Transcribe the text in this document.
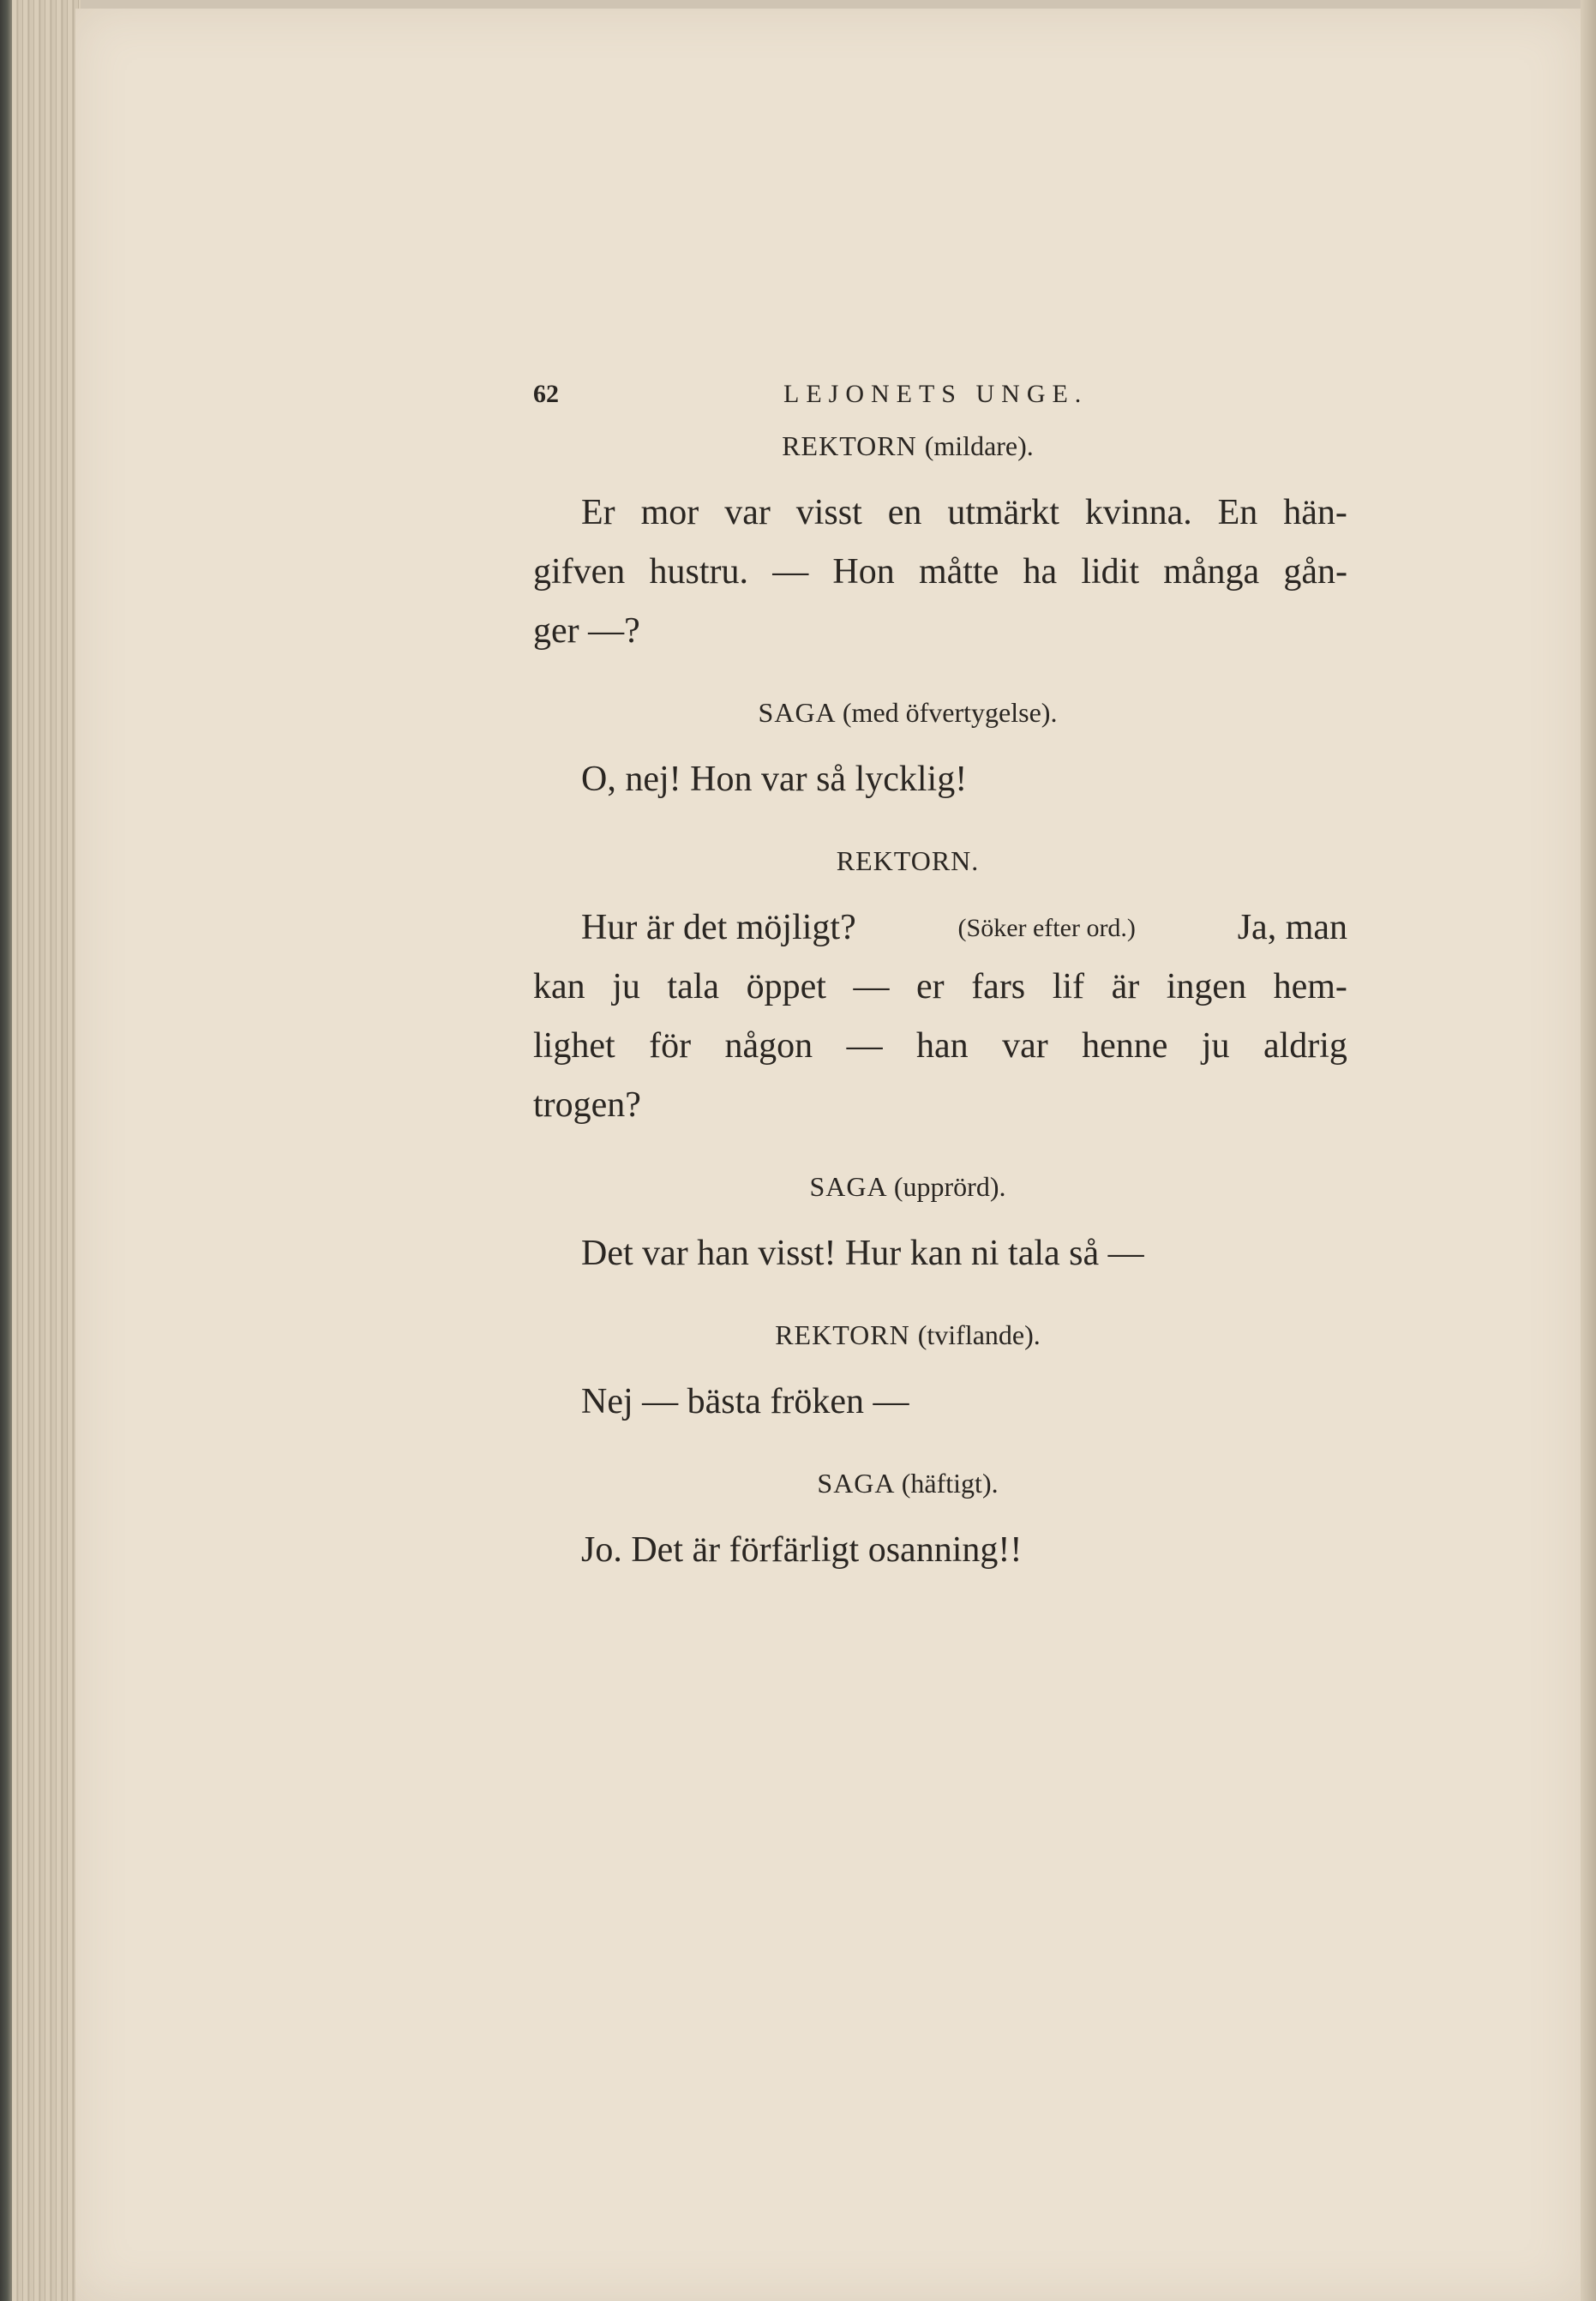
62	LEJONETS UNGE.
REKTORN (mildare).
Er mor var visst en utmärkt kvinna. En hän-
gifven hustru. — Hon måtte ha lidit många gån-
ger —?
SAGA (med öfvertygelse).
O, nej! Hon var så lycklig!
REKTORN.
Hur är det möjligt?	(Söker efter ord.)	Ja, man
kan ju tala öppet — er fars lif är ingen hem-
lighet för någon — han var henne ju aldrig
trogen?
SAGA (upprörd).
Det var han visst! Hur kan ni tala så —
REKTORN (tviflande).
Nej — bästa fröken —
SAGA (häftigt).
Jo. Det är förfärligt osanning!!
